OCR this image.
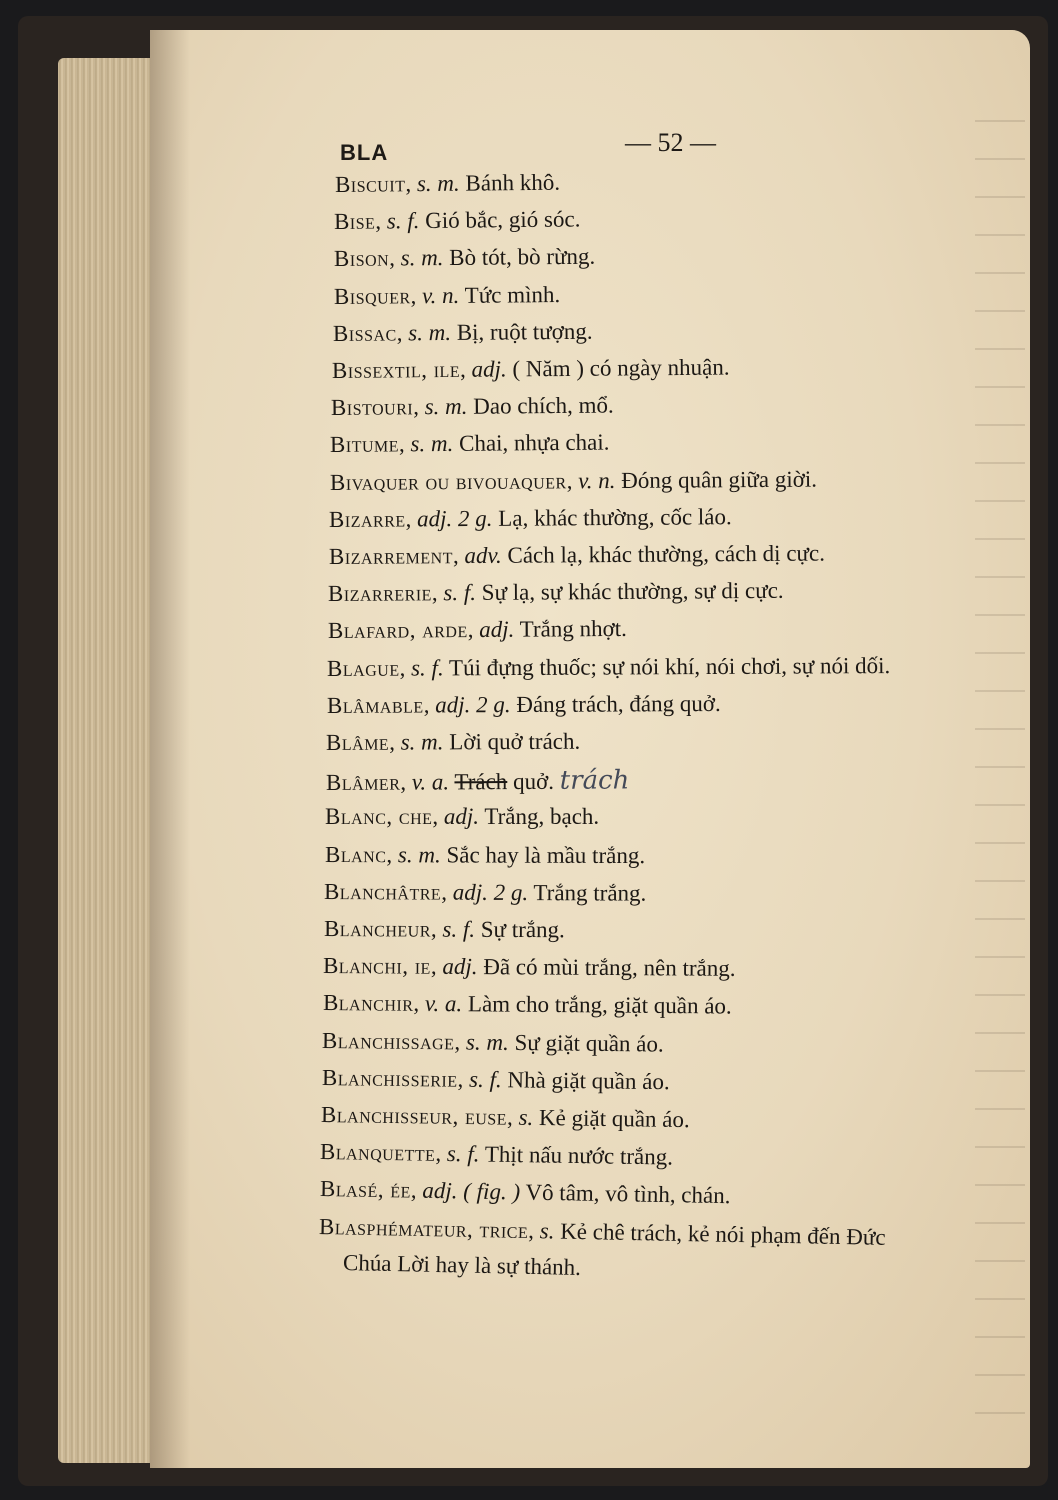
BLA	— 52 —
Biscuit, s. m. Bánh khô.
Bise, s. f. Gió bắc, gió sóc.
Bison, s. m. Bò tót, bò rừng.
Bisquer, v. n. Tức mình.
Bissac, s. m. Bị, ruột tượng.
Bissextil, ile, adj. ( Năm ) có ngày nhuận.
Bistouri, s. m. Dao chích, mổ.
Bitume, s. m. Chai, nhựa chai.
Bivaquer ou bivouaquer, v. n. Đóng quân giữa giời.
Bizarre, adj. 2 g. Lạ, khác thường, cốc láo.
Bizarrement, adv. Cách lạ, khác thường, cách dị cực.
Bizarrerie, s. f. Sự lạ, sự khác thường, sự dị cực.
Blafard, arde, adj. Trắng nhợt.
Blague, s. f. Túi đựng thuốc; sự nói khí, nói chơi, sự nói dối.
Blâmable, adj. 2 g. Đáng trách, đáng quở.
Blâme, s. m. Lời quở trách.
Blâmer, v. a. Trách quở. trách
Blanc, che, adj. Trắng, bạch.
Blanc, s. m. Sắc hay là mầu trắng.
Blanchâtre, adj. 2 g. Trắng trắng.
Blancheur, s. f. Sự trắng.
Blanchi, ie, adj. Đã có mùi trắng, nên trắng.
Blanchir, v. a. Làm cho trắng, giặt quần áo.
Blanchissage, s. m. Sự giặt quần áo.
Blanchisserie, s. f. Nhà giặt quần áo.
Blanchisseur, euse, s. Kẻ giặt quần áo.
Blanquette, s. f. Thịt nấu nước trắng.
Blasé, ée, adj. ( fig. ) Vô tâm, vô tình, chán.
Blasphémateur, trice, s. Kẻ chê trách, kẻ nói phạm đến Đức
Chúa Lời hay là sự thánh.
